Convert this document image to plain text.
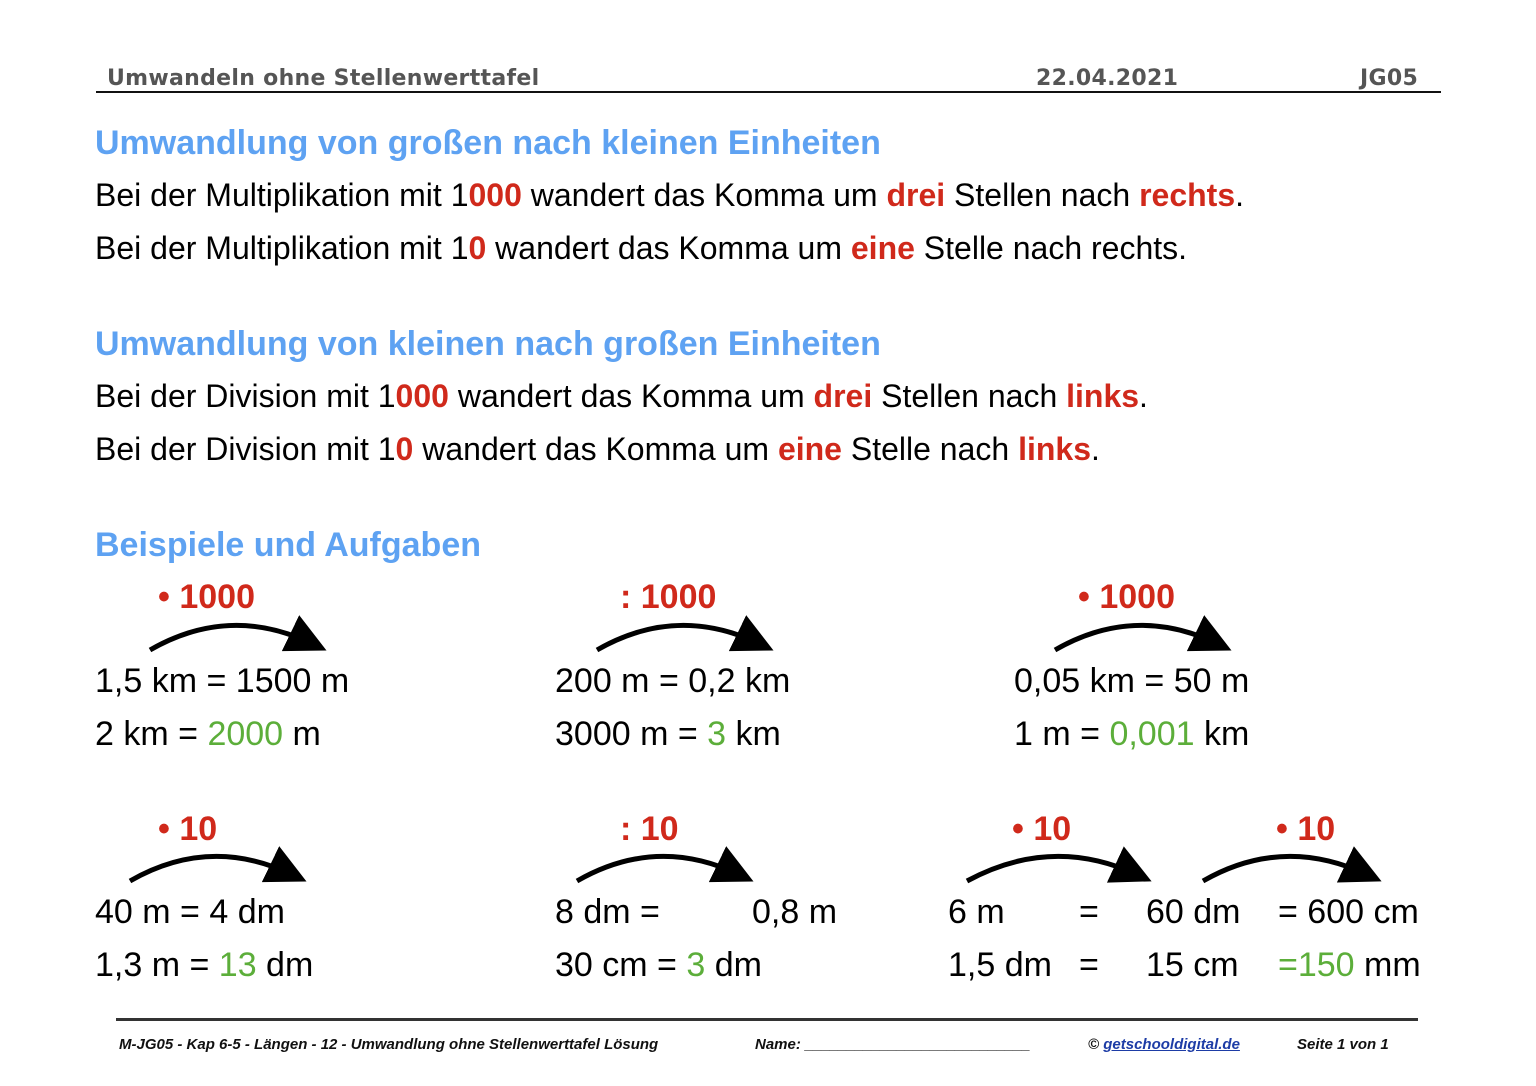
Umwandeln ohne Stellenwerttafel	22.04.2021	JG05
Umwandlung von großen nach kleinen Einheiten
Bei der Multiplikation mit 1000 wandert das Komma um drei Stellen nach rechts.
Bei der Multiplikation mit 10 wandert das Komma um eine Stelle nach rechts.
Umwandlung von kleinen nach großen Einheiten
Bei der Division mit 1000 wandert das Komma um drei Stellen nach links.
Bei der Division mit 10 wandert das Komma um eine Stelle nach links.
Beispiele und Aufgaben
• 1000
1,5 km = 1500 m
2 km = 2000 m
: 1000
200 m = 0,2 km
3000 m = 3 km
• 1000
0,05 km = 50 m
1 m = 0,001 km
• 10
40 m = 4 dm
1,3 m = 13 dm
: 10
8 dm =	0,8 m
30 cm = 3 dm
• 10	• 10
6 m = 60 dm = 600 cm
1,5 dm = 15 cm =150 mm
M-JG05 - Kap 6-5 - Längen - 12 - Umwandlung ohne Stellenwerttafel Lösung	Name: ___________________________	© getschooldigital.de	Seite 1 von 1
